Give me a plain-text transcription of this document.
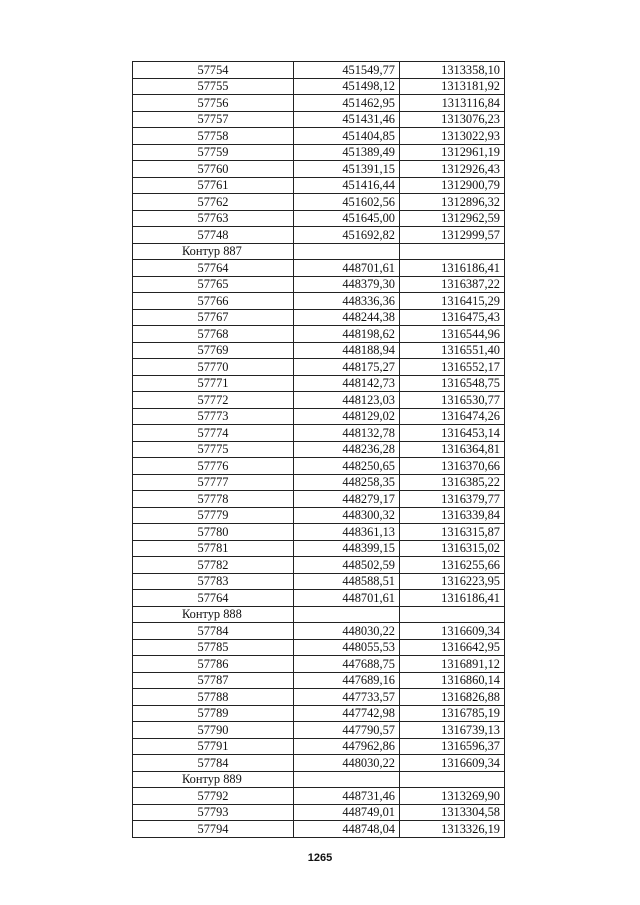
57754	451549,77	1313358,10
57755	451498,12	1313181,92
57756	451462,95	1313116,84
57757	451431,46	1313076,23
57758	451404,85	1313022,93
57759	451389,49	1312961,19
57760	451391,15	1312926,43
57761	451416,44	1312900,79
57762	451602,56	1312896,32
57763	451645,00	1312962,59
57748	451692,82	1312999,57
Контур 887		
57764	448701,61	1316186,41
57765	448379,30	1316387,22
57766	448336,36	1316415,29
57767	448244,38	1316475,43
57768	448198,62	1316544,96
57769	448188,94	1316551,40
57770	448175,27	1316552,17
57771	448142,73	1316548,75
57772	448123,03	1316530,77
57773	448129,02	1316474,26
57774	448132,78	1316453,14
57775	448236,28	1316364,81
57776	448250,65	1316370,66
57777	448258,35	1316385,22
57778	448279,17	1316379,77
57779	448300,32	1316339,84
57780	448361,13	1316315,87
57781	448399,15	1316315,02
57782	448502,59	1316255,66
57783	448588,51	1316223,95
57764	448701,61	1316186,41
Контур 888		
57784	448030,22	1316609,34
57785	448055,53	1316642,95
57786	447688,75	1316891,12
57787	447689,16	1316860,14
57788	447733,57	1316826,88
57789	447742,98	1316785,19
57790	447790,57	1316739,13
57791	447962,86	1316596,37
57784	448030,22	1316609,34
Контур 889		
57792	448731,46	1313269,90
57793	448749,01	1313304,58
57794	448748,04	1313326,19
1265
